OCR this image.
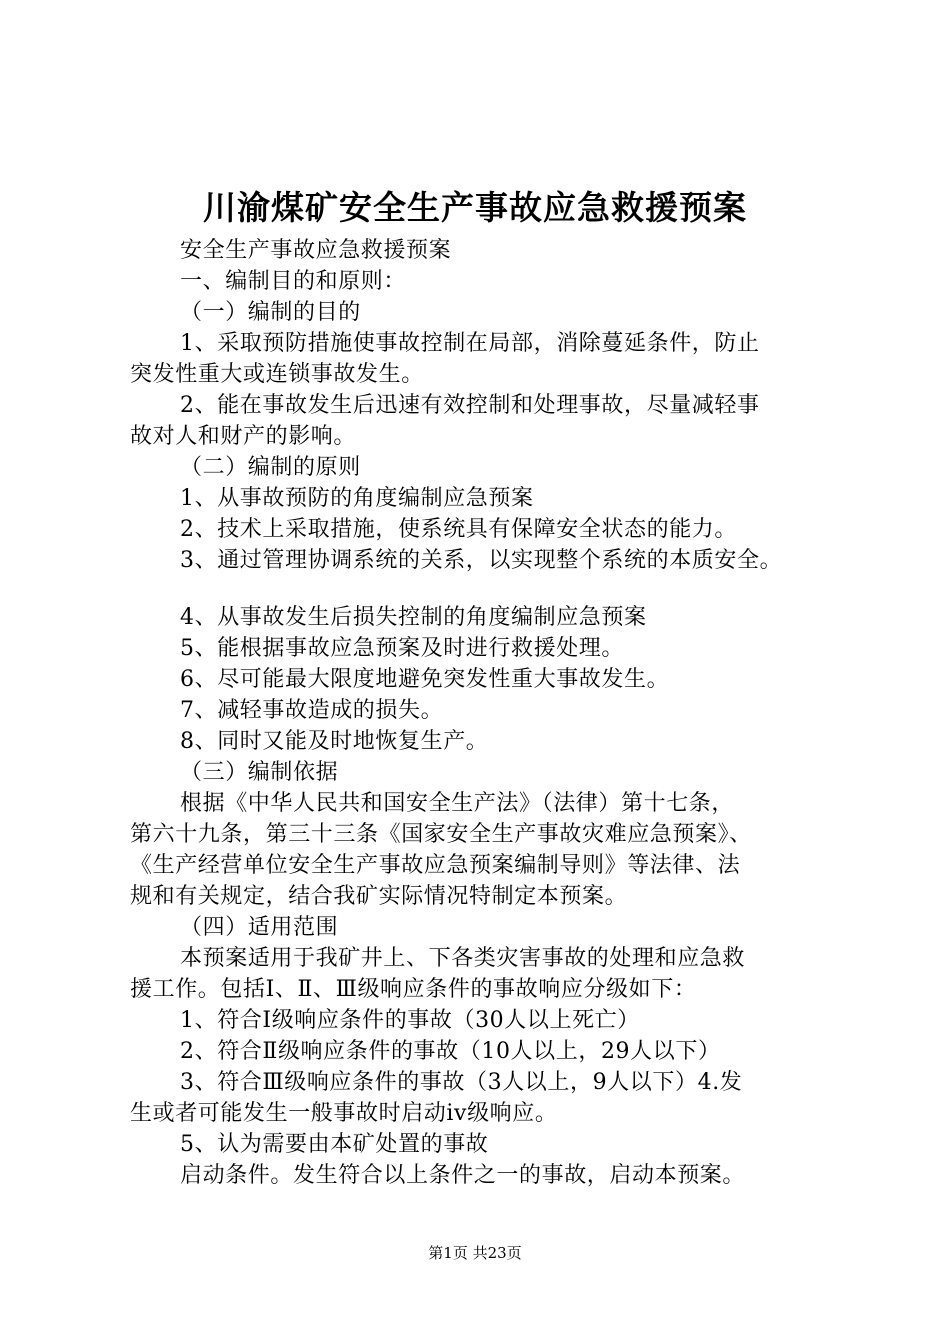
川渝煤矿安全生产事故应急救援预案
安全生产事故应急救援预案
一、编制目的和原则：
（一）编制的目的
1、采取预防措施使事故控制在局部，消除蔓延条件，防止
突发性重大或连锁事故发生。
2、能在事故发生后迅速有效控制和处理事故，尽量减轻事
故对人和财产的影响。
（二）编制的原则
1、从事故预防的角度编制应急预案
2、技术上采取措施，使系统具有保障安全状态的能力。
3、通过管理协调系统的关系，以实现整个系统的本质安全。
4、从事故发生后损失控制的角度编制应急预案
5、能根据事故应急预案及时进行救援处理。
6、尽可能最大限度地避免突发性重大事故发生。
7、减轻事故造成的损失。
8、同时又能及时地恢复生产。
（三）编制依据
根据《中华人民共和国安全生产法》（法律）第十七条，
第六十九条，第三十三条《国家安全生产事故灾难应急预案》、
《生产经营单位安全生产事故应急预案编制导则》等法律、法
规和有关规定，结合我矿实际情况特制定本预案。
（四）适用范围
本预案适用于我矿井上、下各类灾害事故的处理和应急救
援工作。包括Ⅰ、Ⅱ、Ⅲ级响应条件的事故响应分级如下：
1、符合Ⅰ级响应条件的事故（30人以上死亡）
2、符合Ⅱ级响应条件的事故（10人以上，29人以下）
3、符合Ⅲ级响应条件的事故（3人以上，9人以下）4.发
生或者可能发生一般事故时启动iv级响应。
5、认为需要由本矿处置的事故
启动条件。发生符合以上条件之一的事故，启动本预案。
第1页 共23页
